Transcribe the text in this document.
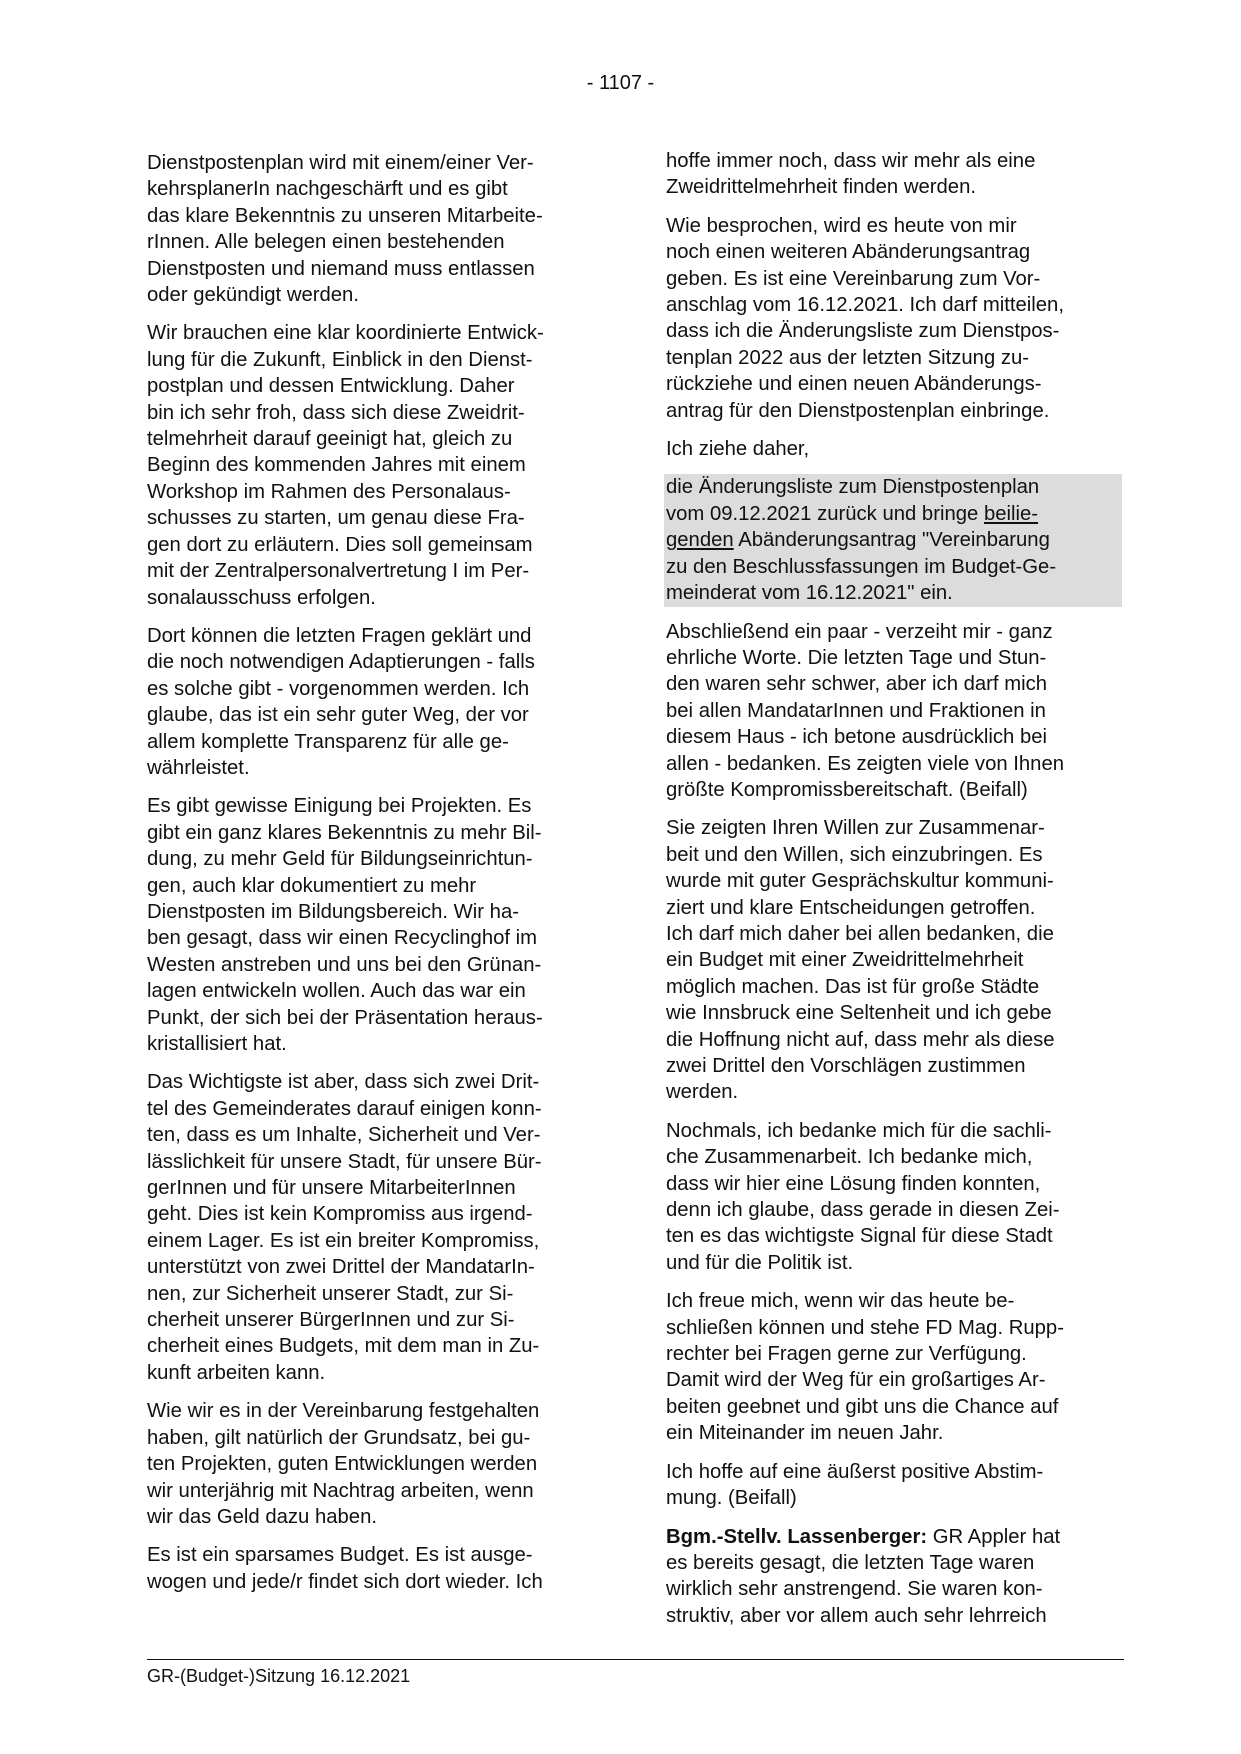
- 1107 -
Dienstpostenplan wird mit einem/einer Ver-
kehrsplanerIn nachgeschärft und es gibt
das klare Bekenntnis zu unseren Mitarbeite-
rInnen. Alle belegen einen bestehenden
Dienstposten und niemand muss entlassen
oder gekündigt werden.
Wir brauchen eine klar koordinierte Entwick-
lung für die Zukunft, Einblick in den Dienst-
postplan und dessen Entwicklung. Daher
bin ich sehr froh, dass sich diese Zweidrit-
telmehrheit darauf geeinigt hat, gleich zu
Beginn des kommenden Jahres mit einem
Workshop im Rahmen des Personalaus-
schusses zu starten, um genau diese Fra-
gen dort zu erläutern. Dies soll gemeinsam
mit der Zentralpersonalvertretung I im Per-
sonalausschuss erfolgen.
Dort können die letzten Fragen geklärt und
die noch notwendigen Adaptierungen - falls
es solche gibt - vorgenommen werden. Ich
glaube, das ist ein sehr guter Weg, der vor
allem komplette Transparenz für alle ge-
währleistet.
Es gibt gewisse Einigung bei Projekten. Es
gibt ein ganz klares Bekenntnis zu mehr Bil-
dung, zu mehr Geld für Bildungseinrichtun-
gen, auch klar dokumentiert zu mehr
Dienstposten im Bildungsbereich. Wir ha-
ben gesagt, dass wir einen Recyclinghof im
Westen anstreben und uns bei den Grünan-
lagen entwickeln wollen. Auch das war ein
Punkt, der sich bei der Präsentation heraus-
kristallisiert hat.
Das Wichtigste ist aber, dass sich zwei Drit-
tel des Gemeinderates darauf einigen konn-
ten, dass es um Inhalte, Sicherheit und Ver-
lässlichkeit für unsere Stadt, für unsere Bür-
gerInnen und für unsere MitarbeiterInnen
geht. Dies ist kein Kompromiss aus irgend-
einem Lager. Es ist ein breiter Kompromiss,
unterstützt von zwei Drittel der MandatarIn-
nen, zur Sicherheit unserer Stadt, zur Si-
cherheit unserer BürgerInnen und zur Si-
cherheit eines Budgets, mit dem man in Zu-
kunft arbeiten kann.
Wie wir es in der Vereinbarung festgehalten
haben, gilt natürlich der Grundsatz, bei gu-
ten Projekten, guten Entwicklungen werden
wir unterjährig mit Nachtrag arbeiten, wenn
wir das Geld dazu haben.
Es ist ein sparsames Budget. Es ist ausge-
wogen und jede/r findet sich dort wieder. Ich
hoffe immer noch, dass wir mehr als eine
Zweidrittelmehrheit finden werden.
Wie besprochen, wird es heute von mir
noch einen weiteren Abänderungsantrag
geben. Es ist eine Vereinbarung zum Vor-
anschlag vom 16.12.2021. Ich darf mitteilen,
dass ich die Änderungsliste zum Dienstpos-
tenplan 2022 aus der letzten Sitzung zu-
rückziehe und einen neuen Abänderungs-
antrag für den Dienstpostenplan einbringe.
Ich ziehe daher,
die Änderungsliste zum Dienstpostenplan
vom 09.12.2021 zurück und bringe beilie-
genden Abänderungsantrag "Vereinbarung
zu den Beschlussfassungen im Budget-Ge-
meinderat vom 16.12.2021" ein.
Abschließend ein paar - verzeiht mir - ganz
ehrliche Worte. Die letzten Tage und Stun-
den waren sehr schwer, aber ich darf mich
bei allen MandatarInnen und Fraktionen in
diesem Haus - ich betone ausdrücklich bei
allen - bedanken. Es zeigten viele von Ihnen
größte Kompromissbereitschaft. (Beifall)
Sie zeigten Ihren Willen zur Zusammenar-
beit und den Willen, sich einzubringen. Es
wurde mit guter Gesprächskultur kommuni-
ziert und klare Entscheidungen getroffen.
Ich darf mich daher bei allen bedanken, die
ein Budget mit einer Zweidrittelmehrheit
möglich machen. Das ist für große Städte
wie Innsbruck eine Seltenheit und ich gebe
die Hoffnung nicht auf, dass mehr als diese
zwei Drittel den Vorschlägen zustimmen
werden.
Nochmals, ich bedanke mich für die sachli-
che Zusammenarbeit. Ich bedanke mich,
dass wir hier eine Lösung finden konnten,
denn ich glaube, dass gerade in diesen Zei-
ten es das wichtigste Signal für diese Stadt
und für die Politik ist.
Ich freue mich, wenn wir das heute be-
schließen können und stehe FD Mag. Rupp-
rechter bei Fragen gerne zur Verfügung.
Damit wird der Weg für ein großartiges Ar-
beiten geebnet und gibt uns die Chance auf
ein Miteinander im neuen Jahr.
Ich hoffe auf eine äußerst positive Abstim-
mung. (Beifall)
Bgm.-Stellv. Lassenberger: GR Appler hat
es bereits gesagt, die letzten Tage waren
wirklich sehr anstrengend. Sie waren kon-
struktiv, aber vor allem auch sehr lehrreich
GR-(Budget-)Sitzung 16.12.2021
